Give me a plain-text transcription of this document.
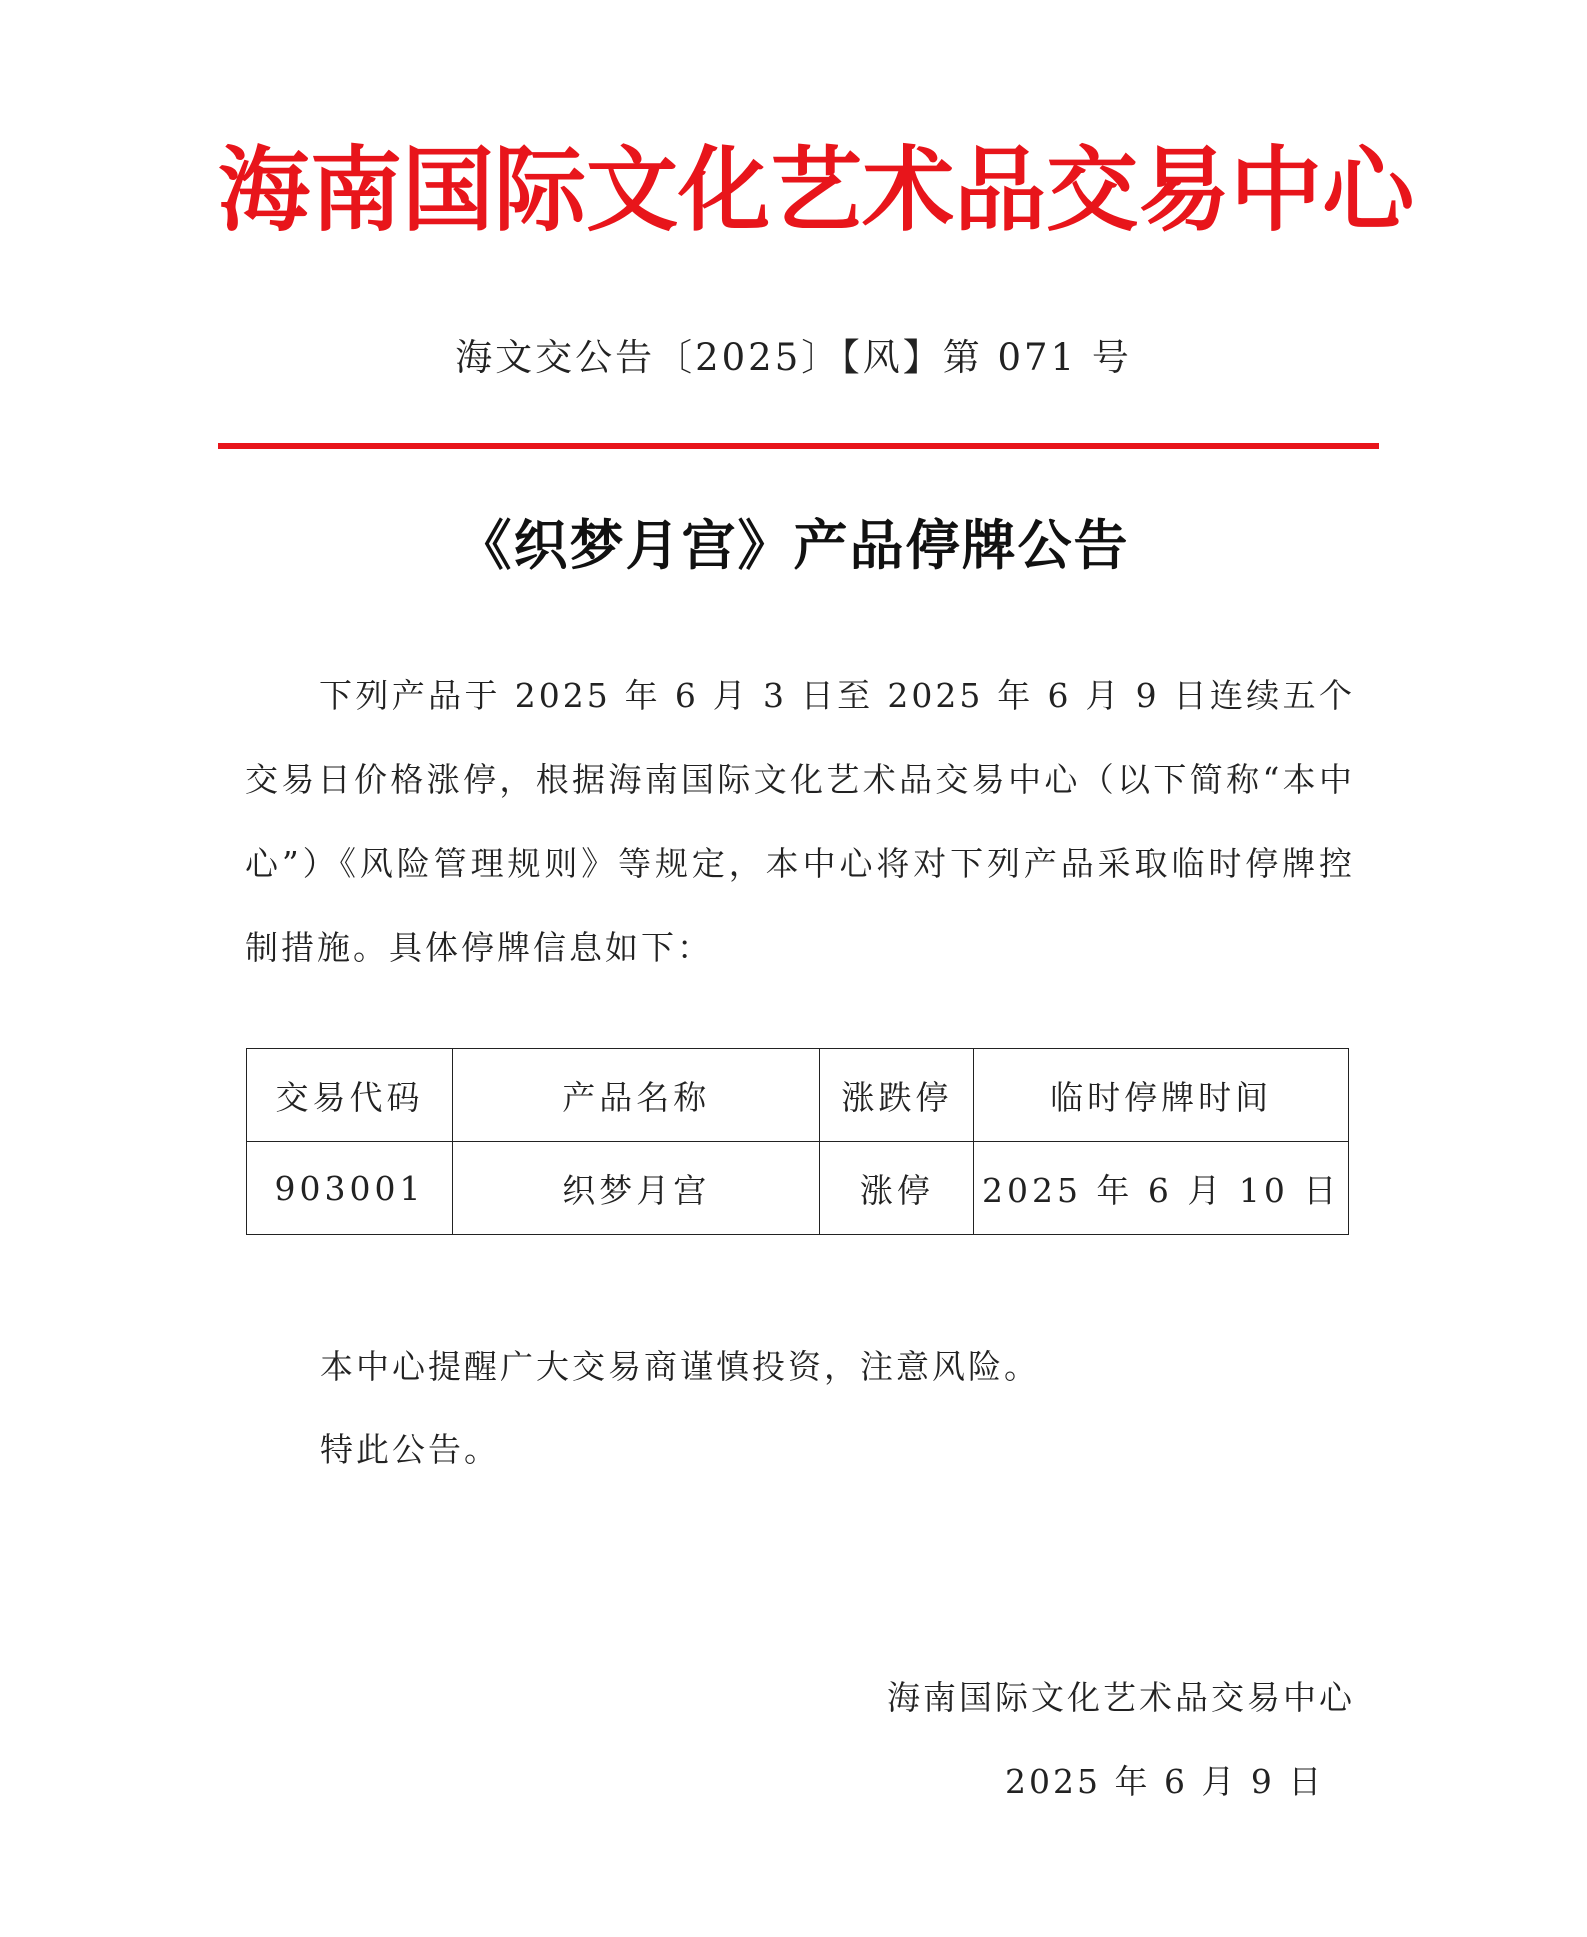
海 南 国 际 文 化 艺 术 品 交 易 中 心
海文交公告〔2025〕【风】第 071 号
《织梦月宫》产品停牌公告
下列产品于 2025 年 6 月 3 日至 2025 年 6 月 9 日连续五个交易日价格涨停，根据海南国际文化艺术品交易中心（以下简称“本中心”）《风险管理规则》等规定，本中心将对下列产品采取临时停牌控制措施。具体停牌信息如下：
交易代码	产品名称	涨跌停	临时停牌时间
903001	织梦月宫	涨停	2025 年 6 月 10 日
本中心提醒广大交易商谨慎投资，注意风险。
特此公告。
海南国际文化艺术品交易中心
2025 年 6 月 9 日
